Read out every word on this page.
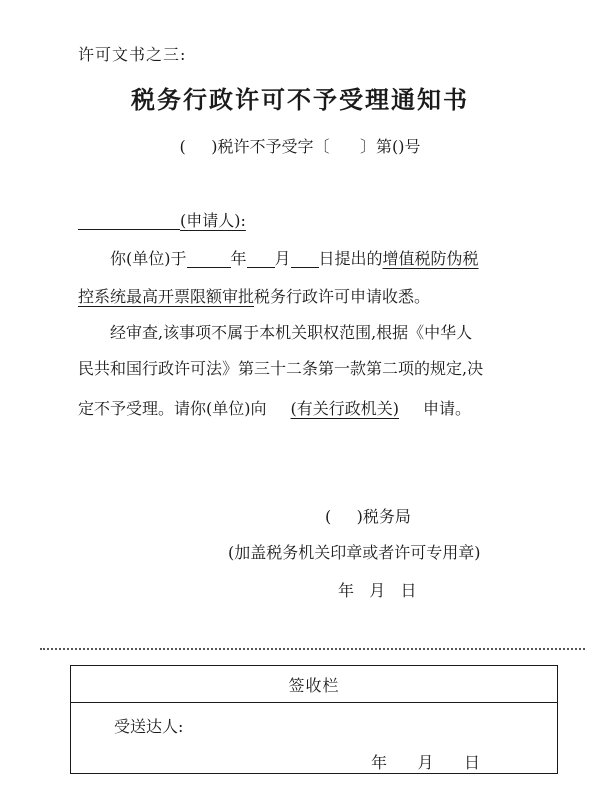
许可文书之三:
税务行政许可不予受理通知书
(     )税许不予受字〔      〕第()号
(申请人):
你(单位)于	年 月 日提出的增值税防伪税
控系统最高开票限额审批税务行政许可申请收悉。
经审查,该事项不属于本机关职权范围,根据《中华人
民共和国行政许可法》第三十二条第一款第二项的规定,决
定不予受理。请你(单位)向 (有关行政机关) 申请。
(     )税务局
(加盖税务机关印章或者许可专用章)
年   月   日
签收栏
受送达人:
年      月      日
